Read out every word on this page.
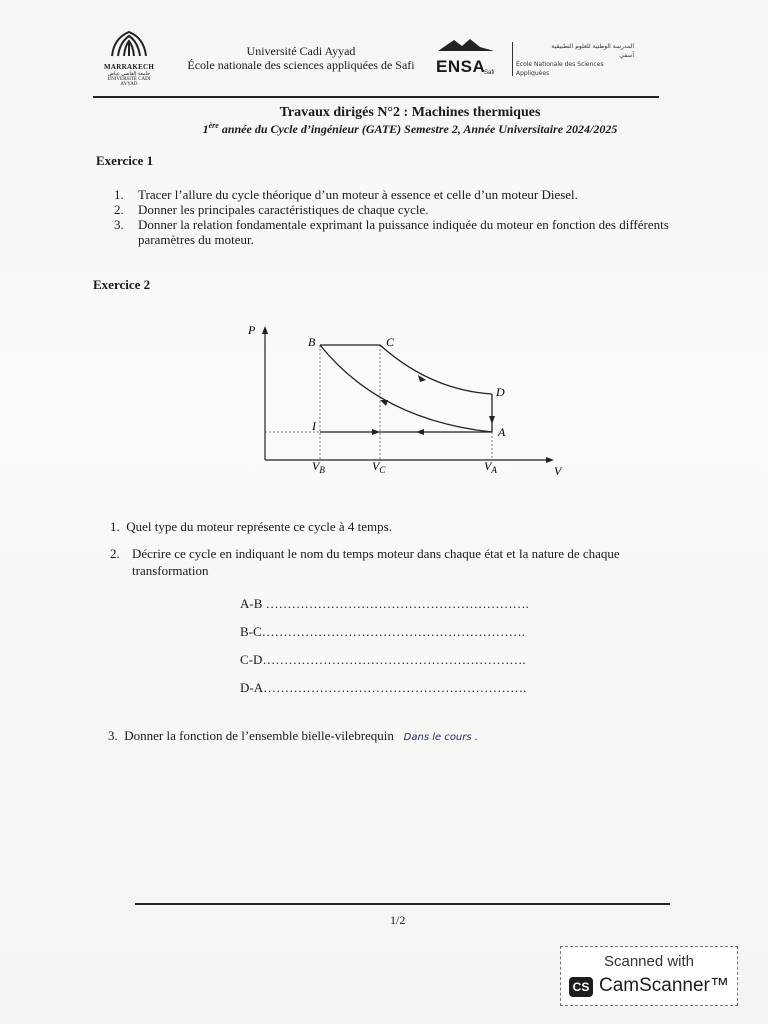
MARRAKECH
جامعة القاضي عياض
UNIVERSITÉ CADI AYYAD
Université Cadi Ayyad
École nationale des sciences appliquées de Safi	ENSA
Safi
المدرسة الوطنية للعلوم التطبيقية
آسفي
École Nationale des Sciences Appliquées
Travaux dirigés N°2 : Machines thermiques
1ère année du Cycle d’ingénieur (GATE) Semestre 2, Année Universitaire 2024/2025
Exercice 1
1. Tracer l’allure du cycle théorique d’un moteur à essence et celle d’un moteur Diesel.
2. Donner les principales caractéristiques de chaque cycle.
3. Donner la relation fondamentale exprimant la puissance indiquée du moteur en fonction des différents paramètres du moteur.
Exercice 2
P
V
B	C
D
A
I
$V_B$	$V_C$	$V_A$
1. Quel type du moteur représente ce cycle à 4 temps.
2. Décrire ce cycle en indiquant le nom du temps moteur dans chaque état et la nature de chaque transformation
A-B …………………………………………………….
B-C…………………………………………………….
C-D…………………………………………………….
D-A…………………………………………………….
3. Donner la fonction de l’ensemble bielle-vilebrequin Dans le cours .
1/2
Scanned with
CS CamScanner™
